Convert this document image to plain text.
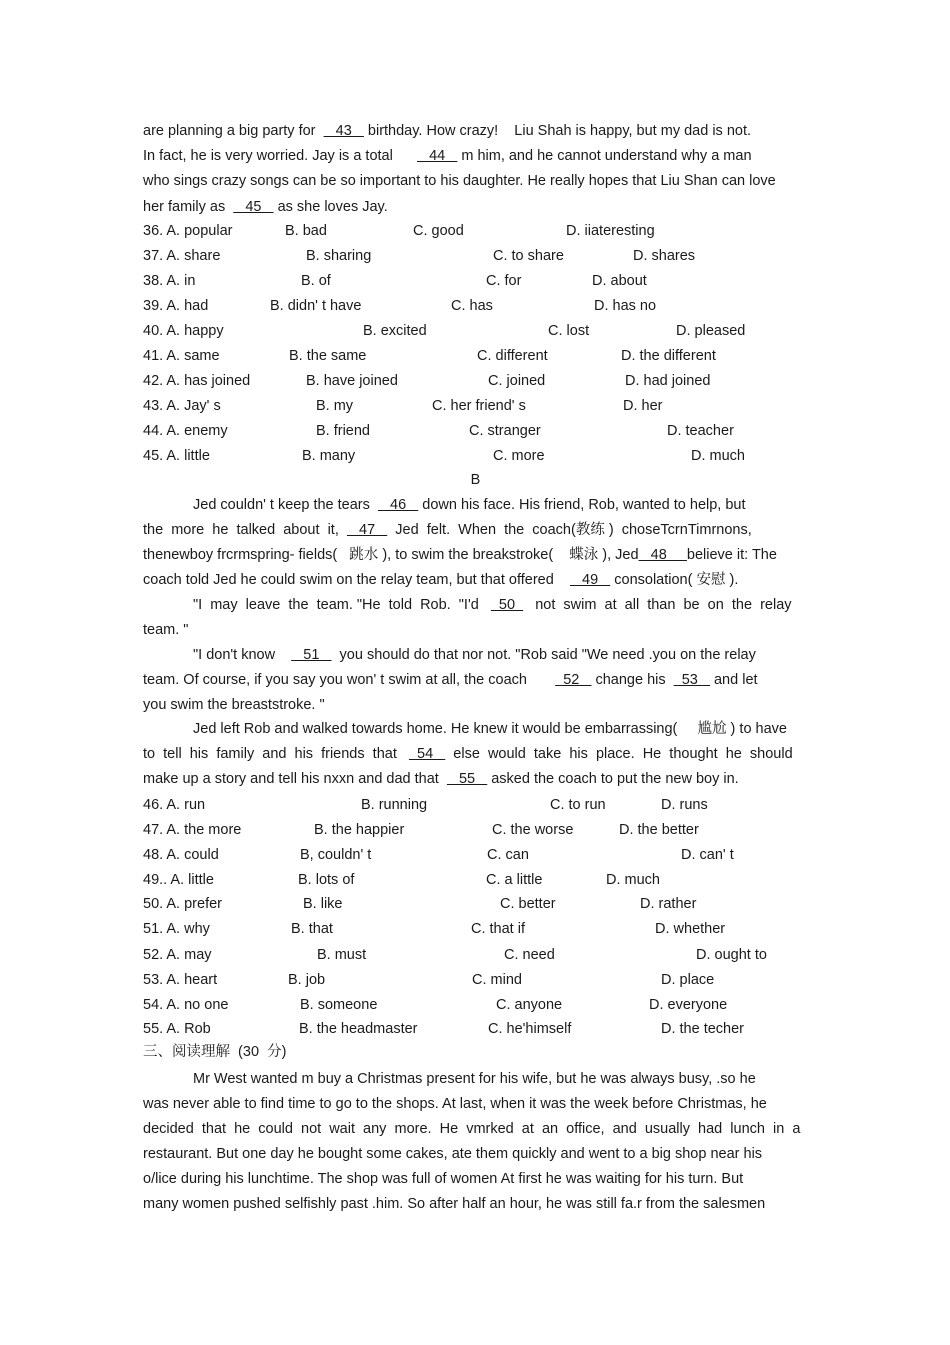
are planning a big party for     43    birthday. How crazy!    Liu Shah is happy, but my dad is not.
In fact, he is very worried. Jay is a total         44    m him, and he cannot understand why a man
who sings crazy songs can be so important to his daughter. He really hopes that Liu Shan can love
her family as     45    as she loves Jay.
36. A. popular	B. bad	C. good	D. iiateresting
37. A. share	B. sharing	C. to share	D. shares
38. A. in	B. of	C. for	D. about
39. A. had	B. didn' t have	C. has	D. has no
40. A. happy	B. excited	C. lost	D. pleased
41. A. same	B. the same	C. different	D. the different
42. A. has joined	B. have joined	C. joined	D. had joined
43. A. Jay' s	B. my	C. her friend' s	D. her
44. A. enemy	B. friend	C. stranger	D. teacher
45. A. little	B. many	C. more	D. much
B
Jed couldn' t keep the tears     46    down his face. His friend, Rob, wanted to help, but
the  more  he  talked  about  it,     47     Jed  felt.  When  the  coach(教练 )  choseTcrnTimrnons,
thenewboy frcrmspring- fields(   跳水 ), to swim the breakstroke(    蝶泳 ), Jed   48     believe it: The
coach told Jed he could swim on the relay team, but that offered       49    consolation( 安慰 ).
"I  may  leave  the  team. "He  told  Rob.  "I'd     50     not  swim  at  all  than  be  on  the  relay
team. "
"I don't know       51     you should do that nor not. "Rob said "We need .you on the relay
team. Of course, if you say you won' t swim at all, the coach         52    change his    53    and let
you swim the breaststroke. "
Jed left Rob and walked towards home. He knew it would be embarrassing(     尴尬 ) to have
to  tell  his  family  and  his  friends  that     54     else  would  take  his  place.  He  thought  he  should
make up a story and tell his nxxn and dad that     55    asked the coach to put the new boy in.
46. A. run	B. running	C. to run	D. runs
47. A. the more	B. the happier	C. the worse	D. the better
48. A. could	B, couldn' t	C. can	D. can' t
49.. A. little	B. lots of	C. a little	D. much
50. A. prefer	B. like	C. better	D. rather
51. A. why	B. that	C. that if	D. whether
52. A. may	B. must	C. need	D. ought to
53. A. heart	B. job	C. mind	D. place
54. A. no one	B. someone	C. anyone	D. everyone
55. A. Rob	B. the headmaster	C. he'himself	D. the techer
三、阅读理解  (30  分)
Mr West wanted m buy a Christmas present for his wife, but he was always busy, .so he
was never able to find time to go to the shops. At last, when it was the week before Christmas, he
decided  that  he  could  not  wait  any  more.  He  vmrked  at  an  office,  and  usually  had  lunch  in  a
restaurant. But one day he bought some cakes, ate them quickly and went to a big shop near his
o/lice during his lunchtime. The shop was full of women At first he was waiting for his turn. But
many women pushed selfishly past .him. So after half an hour, he was still fa.r from the salesmen
